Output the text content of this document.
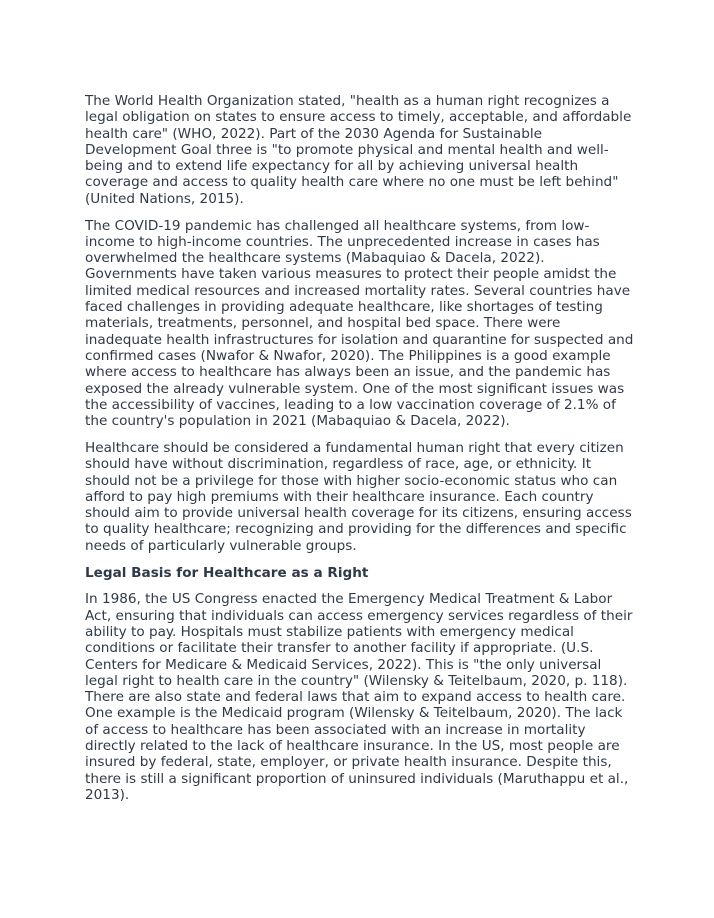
The World Health Organization stated, "health as a human right recognizes a legal obligation on states to ensure access to timely, acceptable, and affordable health care" (WHO, 2022). Part of the 2030 Agenda for Sustainable Development Goal three is "to promote physical and mental health and well-being and to extend life expectancy for all by achieving universal health coverage and access to quality health care where no one must be left behind" (United Nations, 2015).

The COVID-19 pandemic has challenged all healthcare systems, from low-income to high-income countries. The unprecedented increase in cases has overwhelmed the healthcare systems (Mabaquiao & Dacela, 2022). Governments have taken various measures to protect their people amidst the limited medical resources and increased mortality rates. Several countries have faced challenges in providing adequate healthcare, like shortages of testing materials, treatments, personnel, and hospital bed space. There were inadequate health infrastructures for isolation and quarantine for suspected and confirmed cases (Nwafor & Nwafor, 2020). The Philippines is a good example where access to healthcare has always been an issue, and the pandemic has exposed the already vulnerable system. One of the most significant issues was the accessibility of vaccines, leading to a low vaccination coverage of 2.1% of the country's population in 2021 (Mabaquiao & Dacela, 2022).

Healthcare should be considered a fundamental human right that every citizen should have without discrimination, regardless of race, age, or ethnicity. It should not be a privilege for those with higher socio-economic status who can afford to pay high premiums with their healthcare insurance. Each country should aim to provide universal health coverage for its citizens, ensuring access to quality healthcare; recognizing and providing for the differences and specific needs of particularly vulnerable groups.

Legal Basis for Healthcare as a Right

In 1986, the US Congress enacted the Emergency Medical Treatment & Labor Act, ensuring that individuals can access emergency services regardless of their ability to pay. Hospitals must stabilize patients with emergency medical conditions or facilitate their transfer to another facility if appropriate. (U.S. Centers for Medicare & Medicaid Services, 2022). This is "the only universal legal right to health care in the country" (Wilensky & Teitelbaum, 2020, p. 118). There are also state and federal laws that aim to expand access to health care. One example is the Medicaid program (Wilensky & Teitelbaum, 2020). The lack of access to healthcare has been associated with an increase in mortality directly related to the lack of healthcare insurance. In the US, most people are insured by federal, state, employer, or private health insurance. Despite this, there is still a significant proportion of uninsured individuals (Maruthappu et al., 2013).
